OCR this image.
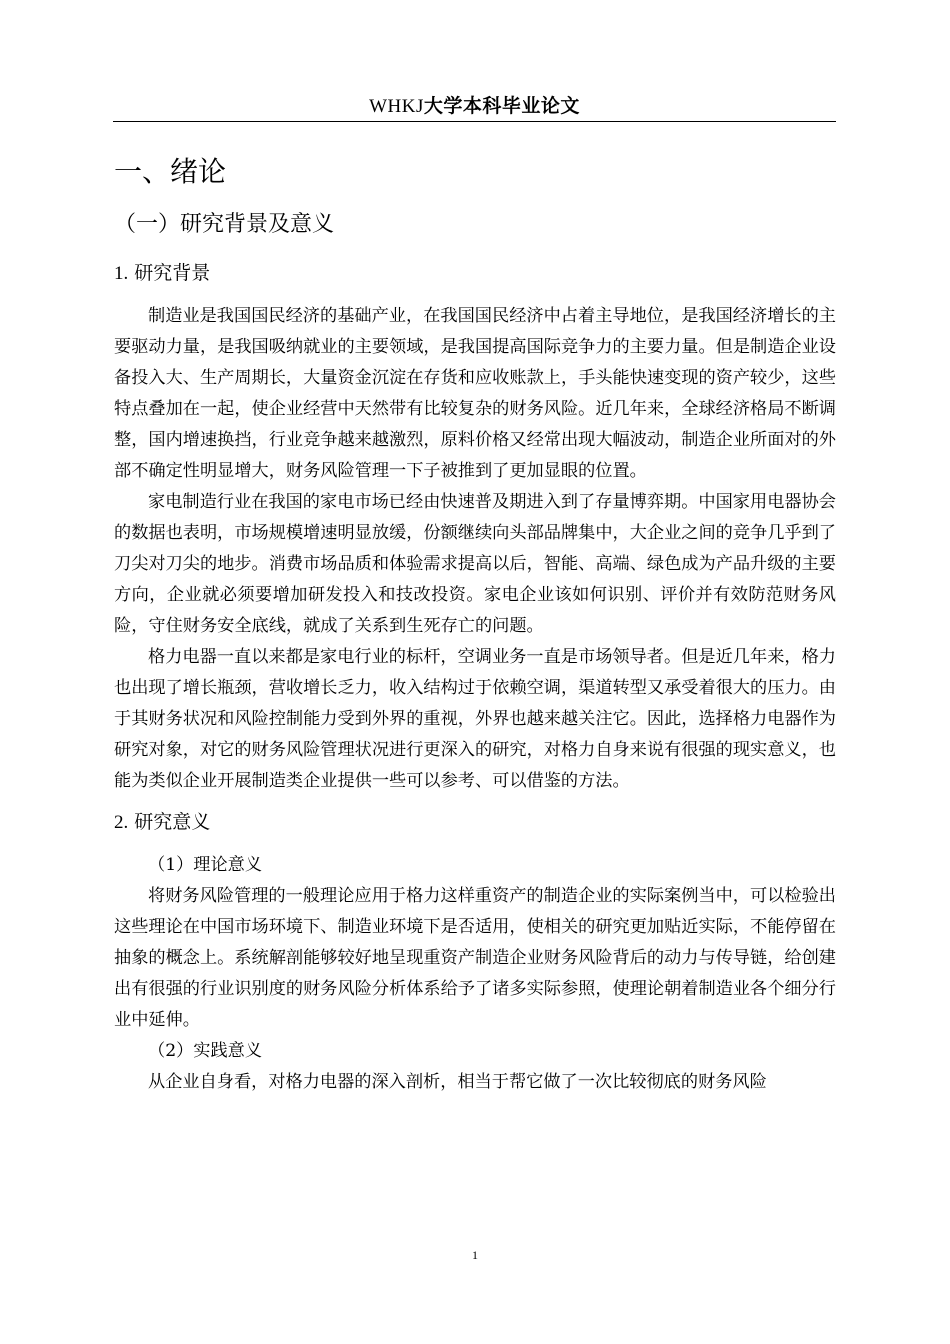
WHKJ大学本科毕业论文
一、绪论
（一）研究背景及意义
1. 研究背景

制造业是我国国民经济的基础产业，在我国国民经济中占着主导地位，是我国经济增长的主要驱动力量，是我国吸纳就业的主要领域，是我国提高国际竞争力的主要力量。但是制造企业设备投入大、生产周期长，大量资金沉淀在存货和应收账款上，手头能快速变现的资产较少，这些特点叠加在一起，使企业经营中天然带有比较复杂的财务风险。近几年来，全球经济格局不断调整，国内增速换挡，行业竞争越来越激烈，原料价格又经常出现大幅波动，制造企业所面对的外部不确定性明显增大，财务风险管理一下子被推到了更加显眼的位置。

家电制造行业在我国的家电市场已经由快速普及期进入到了存量博弈期。中国家用电器协会的数据也表明，市场规模增速明显放缓，份额继续向头部品牌集中，大企业之间的竞争几乎到了刀尖对刀尖的地步。消费市场品质和体验需求提高以后，智能、高端、绿色成为产品升级的主要方向，企业就必须要增加研发投入和技改投资。家电企业该如何识别、评价并有效防范财务风险，守住财务安全底线，就成了关系到生死存亡的问题。

格力电器一直以来都是家电行业的标杆，空调业务一直是市场领导者。但是近几年来，格力也出现了增长瓶颈，营收增长乏力，收入结构过于依赖空调，渠道转型又承受着很大的压力。由于其财务状况和风险控制能力受到外界的重视，外界也越来越关注它。因此，选择格力电器作为研究对象，对它的财务风险管理状况进行更深入的研究，对格力自身来说有很强的现实意义，也能为类似企业开展制造类企业提供一些可以参考、可以借鉴的方法。

2. 研究意义

（1）理论意义

将财务风险管理的一般理论应用于格力这样重资产的制造企业的实际案例当中，可以检验出这些理论在中国市场环境下、制造业环境下是否适用，使相关的研究更加贴近实际，不能停留在抽象的概念上。系统解剖能够较好地呈现重资产制造企业财务风险背后的动力与传导链，给创建出有很强的行业识别度的财务风险分析体系给予了诸多实际参照，使理论朝着制造业各个细分行业中延伸。

（2）实践意义

从企业自身看，对格力电器的深入剖析，相当于帮它做了一次比较彻底的财务风险

1
